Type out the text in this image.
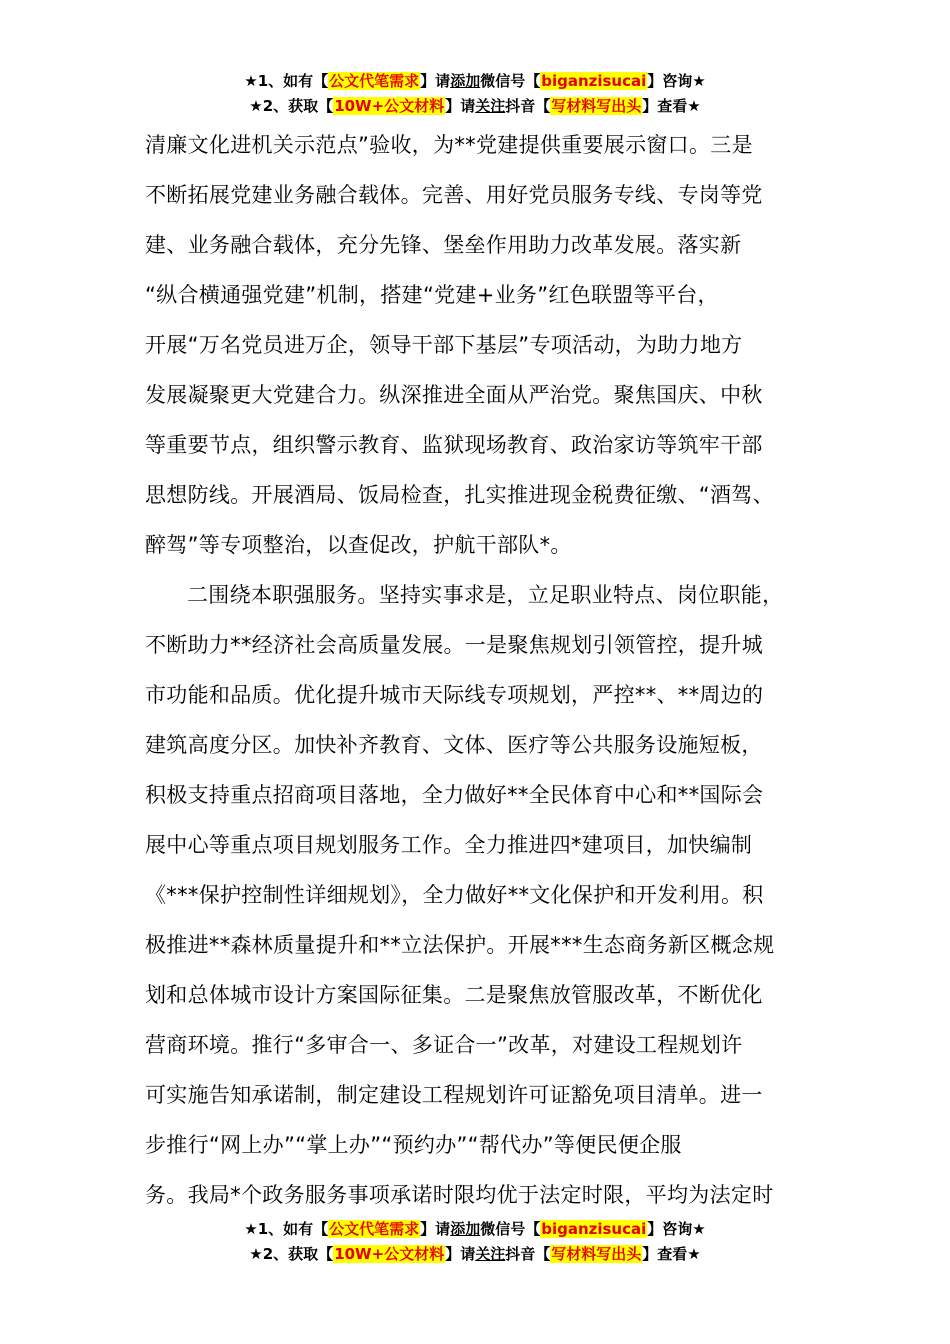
★1、如有【公文代笔需求】请添加微信号【biganzisucai】咨询★
★2、获取【10W+公文材料】请关注抖音【写材料写出头】查看★
清廉文化进机关示范点”验收，为**党建提供重要展示窗口。三是
不断拓展党建业务融合载体。完善、用好党员服务专线、专岗等党
建、业务融合载体，充分先锋、堡垒作用助力改革发展。落实新
“纵合横通强党建”机制，搭建“党建+业务”红色联盟等平台，
开展“万名党员进万企，领导干部下基层”专项活动，为助力地方
发展凝聚更大党建合力。纵深推进全面从严治党。聚焦国庆、中秋
等重要节点，组织警示教育、监狱现场教育、政治家访等筑牢干部
思想防线。开展酒局、饭局检查，扎实推进现金税费征缴、“酒驾、
醉驾”等专项整治，以查促改，护航干部队*。
二围绕本职强服务。坚持实事求是，立足职业特点、岗位职能，
不断助力**经济社会高质量发展。一是聚焦规划引领管控，提升城
市功能和品质。优化提升城市天际线专项规划，严控**、**周边的
建筑高度分区。加快补齐教育、文体、医疗等公共服务设施短板，
积极支持重点招商项目落地，全力做好**全民体育中心和**国际会
展中心等重点项目规划服务工作。全力推进四*建项目，加快编制
《***保护控制性详细规划》，全力做好**文化保护和开发利用。积
极推进**森林质量提升和**立法保护。开展***生态商务新区概念规
划和总体城市设计方案国际征集。二是聚焦放管服改革，不断优化
营商环境。推行“多审合一、多证合一”改革，对建设工程规划许
可实施告知承诺制，制定建设工程规划许可证豁免项目清单。进一
步推行“网上办”“掌上办”“预约办”“帮代办”等便民便企服
务。我局*个政务服务事项承诺时限均优于法定时限，平均为法定时
★1、如有【公文代笔需求】请添加微信号【biganzisucai】咨询★
★2、获取【10W+公文材料】请关注抖音【写材料写出头】查看★
